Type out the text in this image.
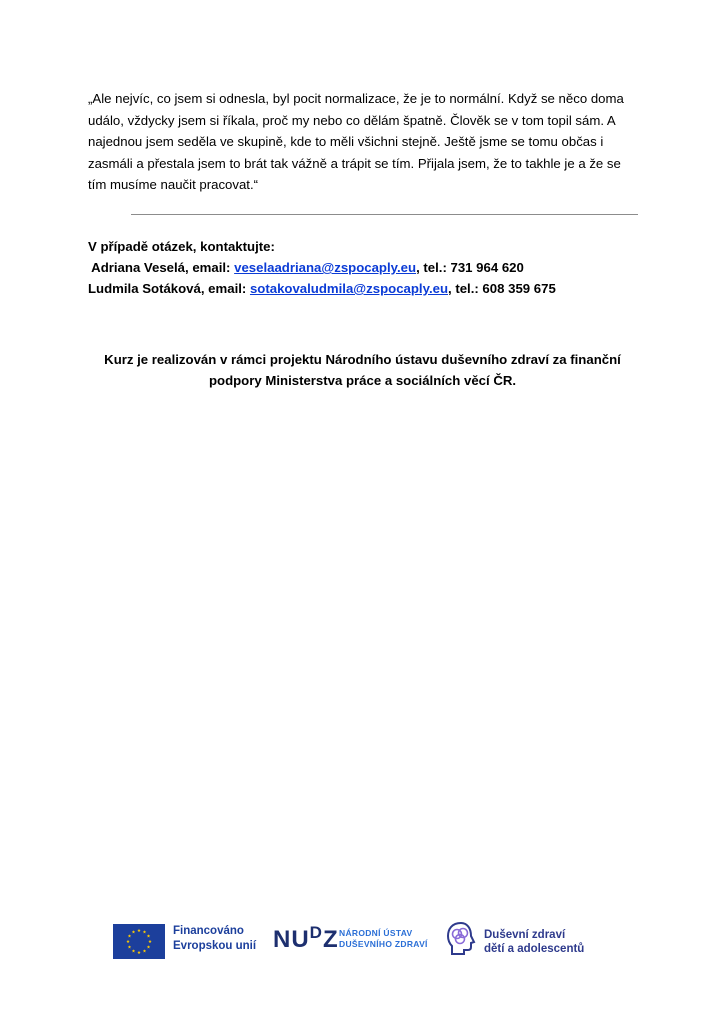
„Ale nejvíc, co jsem si odnesla, byl pocit normalizace, že je to normální. Když se něco doma
událo, vždycky jsem si říkala, proč my nebo co dělám špatně. Člověk se v tom topil sám. A
najednou jsem seděla ve skupině, kde to měli všichni stejně. Ještě jsme se tomu občas i
zasmáli a přestala jsem to brát tak vážně a trápit se tím. Přijala jsem, že to takhle je a že se
tím musíme naučit pracovat.“
V případě otázek, kontaktujte:
Adriana Veselá, email: veselaadriana@zspocaply.eu, tel.: 731 964 620
Ludmila Sotáková, email: sotakovaludmila@zspocaply.eu, tel.: 608 359 675
Kurz je realizován v rámci projektu Národního ústavu duševního zdraví za finanční
podpory Ministerstva práce a sociálních věcí ČR.
Financováno
Evropskou unií $NU^DZ$ NÁRODNÍ ÚSTAV
DUŠEVNÍHO ZDRAVÍ
Duševní zdraví
dětí a adolescentů
